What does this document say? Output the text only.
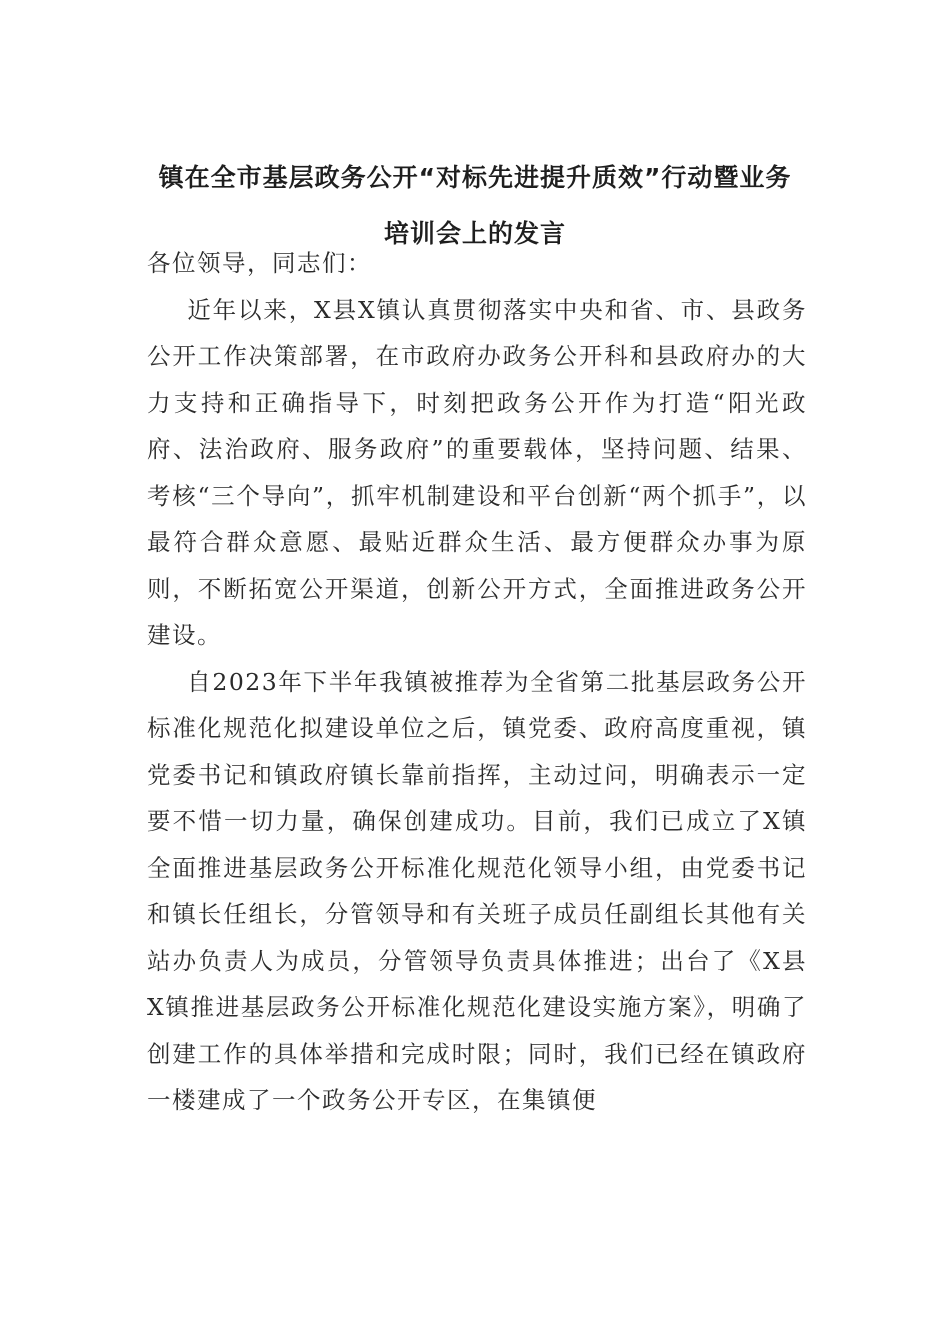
镇在全市基层政务公开“对标先进提升质效”行动暨业务
培训会上的发言

各位领导，同志们：

近年以来，X县X镇认真贯彻落实中央和省、市、县政务公开工作决策部署，在市政府办政务公开科和县政府办的大力支持和正确指导下，时刻把政务公开作为打造“阳光政府、法治政府、服务政府”的重要载体，坚持问题、结果、考核“三个导向”，抓牢机制建设和平台创新“两个抓手”，以最符合群众意愿、最贴近群众生活、最方便群众办事为原则，不断拓宽公开渠道，创新公开方式，全面推进政务公开建设。

自2023年下半年我镇被推荐为全省第二批基层政务公开标准化规范化拟建设单位之后，镇党委、政府高度重视，镇党委书记和镇政府镇长靠前指挥，主动过问，明确表示一定要不惜一切力量，确保创建成功。目前，我们已成立了X镇全面推进基层政务公开标准化规范化领导小组，由党委书记和镇长任组长，分管领导和有关班子成员任副组长其他有关站办负责人为成员，分管领导负责具体推进；出台了《X县X镇推进基层政务公开标准化规范化建设实施方案》，明确了创建工作的具体举措和完成时限；同时，我们已经在镇政府一楼建成了一个政务公开专区，在集镇便
